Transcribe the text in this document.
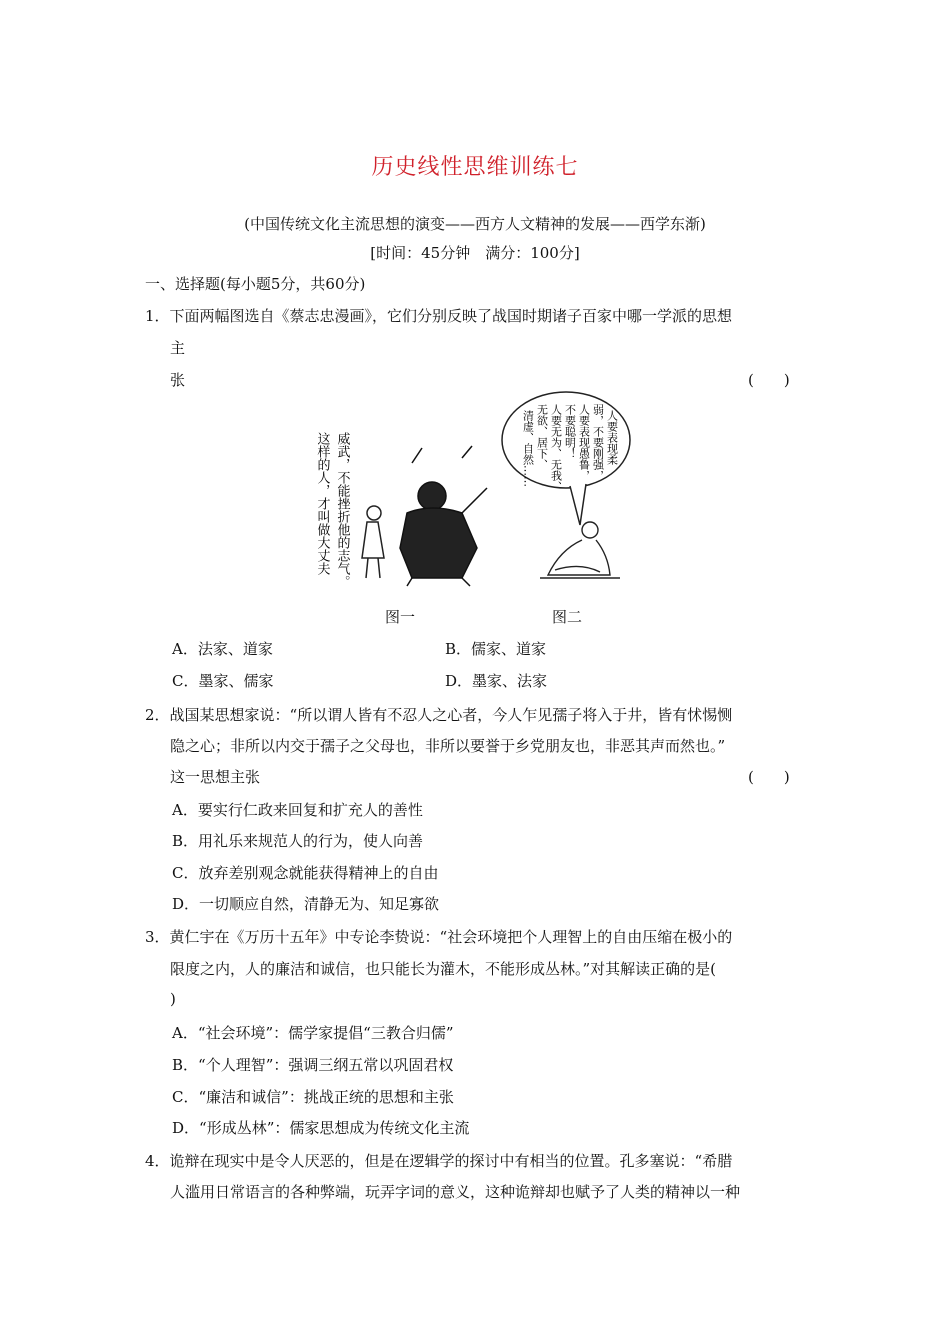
历史线性思维训练七
(中国传统文化主流思想的演变——西方人文精神的发展——西学东渐)
[时间：45分钟　满分：100分]
一、选择题(每小题5分，共60分)
1．下面两幅图选自《蔡志忠漫画》，它们分别反映了战国时期诸子百家中哪一学派的思想
主
张	(　　)
这样的人，才叫做大丈夫 威武，不能挫折他的志气。	人要表现柔
弱，不要刚强，
人要表现愚鲁，
不要聪明！
人要无为、无我、
无欲、居下、
清虚、自然……
图一	图二
A．法家、道家	B．儒家、道家
C．墨家、儒家	D．墨家、法家
2．战国某思想家说：“所以谓人皆有不忍人之心者，今人乍见孺子将入于井，皆有怵惕恻
隐之心；非所以内交于孺子之父母也，非所以要誉于乡党朋友也，非恶其声而然也。”
这一思想主张	(　　)
A．要实行仁政来回复和扩充人的善性
B．用礼乐来规范人的行为，使人向善
C．放弃差别观念就能获得精神上的自由
D．一切顺应自然，清静无为、知足寡欲
3．黄仁宇在《万历十五年》中专论李贽说：“社会环境把个人理智上的自由压缩在极小的
限度之内，人的廉洁和诚信，也只能长为灌木，不能形成丛林。”对其解读正确的是(
)
A．“社会环境”：儒学家提倡“三教合归儒”
B．“个人理智”：强调三纲五常以巩固君权
C．“廉洁和诚信”：挑战正统的思想和主张
D．“形成丛林”：儒家思想成为传统文化主流
4．诡辩在现实中是令人厌恶的，但是在逻辑学的探讨中有相当的位置。孔多塞说：“希腊
人滥用日常语言的各种弊端，玩弄字词的意义，这种诡辩却也赋予了人类的精神以一种
